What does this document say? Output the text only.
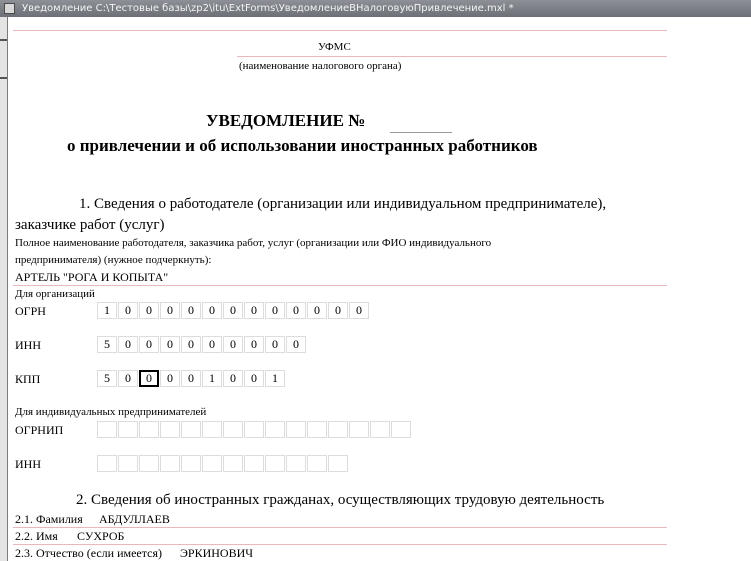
Уведомление C:\Тестовые базы\zp2\itu\ExtForms\УведомлениеВНалоговуюПривлечение.mxl *
УФМС
(наименование налогового органа)
УВЕДОМЛЕНИЕ №
о привлечении и об использовании иностранных работников
1. Сведения о работодателе (организации или индивидуальном предпринимателе),
заказчике работ (услуг)
Полное наименование работодателя, заказчика работ, услуг (организации или ФИО индивидуального
предпринимателя) (нужное подчеркнуть):
АРТЕЛЬ "РОГА И КОПЫТА"
Для организаций
ОГРН	1	0	0	0	0	0	0	0	0	0	0	0	0
ИНН	5	0	0	0	0	0	0	0	0	0
КПП	5	0	0	0	0	1	0	0	1
Для индивидуальных предпринимателей
ОГРНИП
ИНН
2. Сведения об иностранных гражданах, осуществляющих трудовую деятельность
2.1. Фамилия АБДУЛЛАЕВ
2.2. Имя СУХРОБ
2.3. Отчество (если имеется) ЭРКИНОВИЧ
